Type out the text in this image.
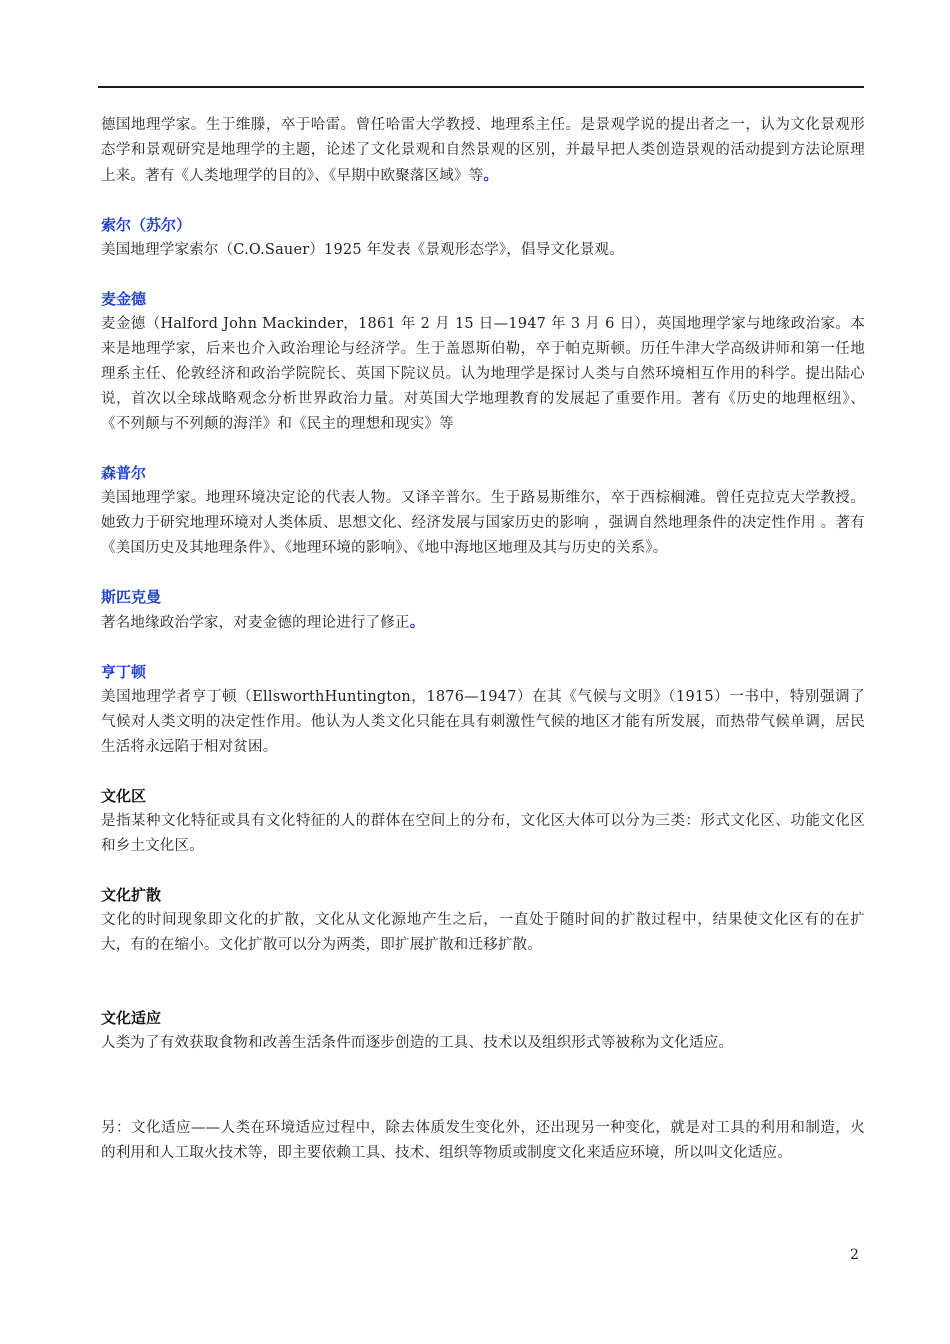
德国地理学家。生于维滕，卒于哈雷。曾任哈雷大学教授、地理系主任。是景观学说的提出者之一，认为文化景观形态学和景观研究是地理学的主题，论述了文化景观和自然景观的区别，并最早把人类创造景观的活动提到方法论原理上来。著有《人类地理学的目的》、《早期中欧聚落区域》等。

索尔（苏尔）

美国地理学家索尔（C.O.Sauer）1925 年发表《景观形态学》，倡导文化景观。

麦金德

麦金德（Halford John Mackinder，1861 年 2 月 15 日—1947 年 3 月 6 日），英国地理学家与地缘政治家。本来是地理学家，后来也介入政治理论与经济学。生于盖恩斯伯勒，卒于帕克斯顿。历任牛津大学高级讲师和第一任地理系主任、伦敦经济和政治学院院长、英国下院议员。认为地理学是探讨人类与自然环境相互作用的科学。提出陆心说，首次以全球战略观念分析世界政治力量。对英国大学地理教育的发展起了重要作用。著有《历史的地理枢纽》、《不列颠与不列颠的海洋》和《民主的理想和现实》等

森普尔

美国地理学家。地理环境决定论的代表人物。又译辛普尔。生于路易斯维尔，卒于西棕榈滩。曾任克拉克大学教授。她致力于研究地理环境对人类体质、思想文化、经济发展与国家历史的影响 ，强调自然地理条件的决定性作用 。著有《美国历史及其地理条件》、《地理环境的影响》、《地中海地区地理及其与历史的关系》。

斯匹克曼

著名地缘政治学家，对麦金德的理论进行了修正。

亨丁顿

美国地理学者亨丁顿（EllsworthHuntington，1876—1947）在其《气候与文明》（1915）一书中，特别强调了气候对人类文明的决定性作用。他认为人类文化只能在具有刺激性气候的地区才能有所发展，而热带气候单调，居民生活将永远陷于相对贫困。

文化区

是指某种文化特征或具有文化特征的人的群体在空间上的分布，文化区大体可以分为三类：形式文化区、功能文化区和乡土文化区。

文化扩散

文化的时间现象即文化的扩散，文化从文化源地产生之后，一直处于随时间的扩散过程中，结果使文化区有的在扩大，有的在缩小。文化扩散可以分为两类，即扩展扩散和迁移扩散。

文化适应

人类为了有效获取食物和改善生活条件而逐步创造的工具、技术以及组织形式等被称为文化适应。

另：文化适应——人类在环境适应过程中，除去体质发生变化外，还出现另一种变化，就是对工具的利用和制造，火的利用和人工取火技术等，即主要依赖工具、技术、组织等物质或制度文化来适应环境，所以叫文化适应。

2
